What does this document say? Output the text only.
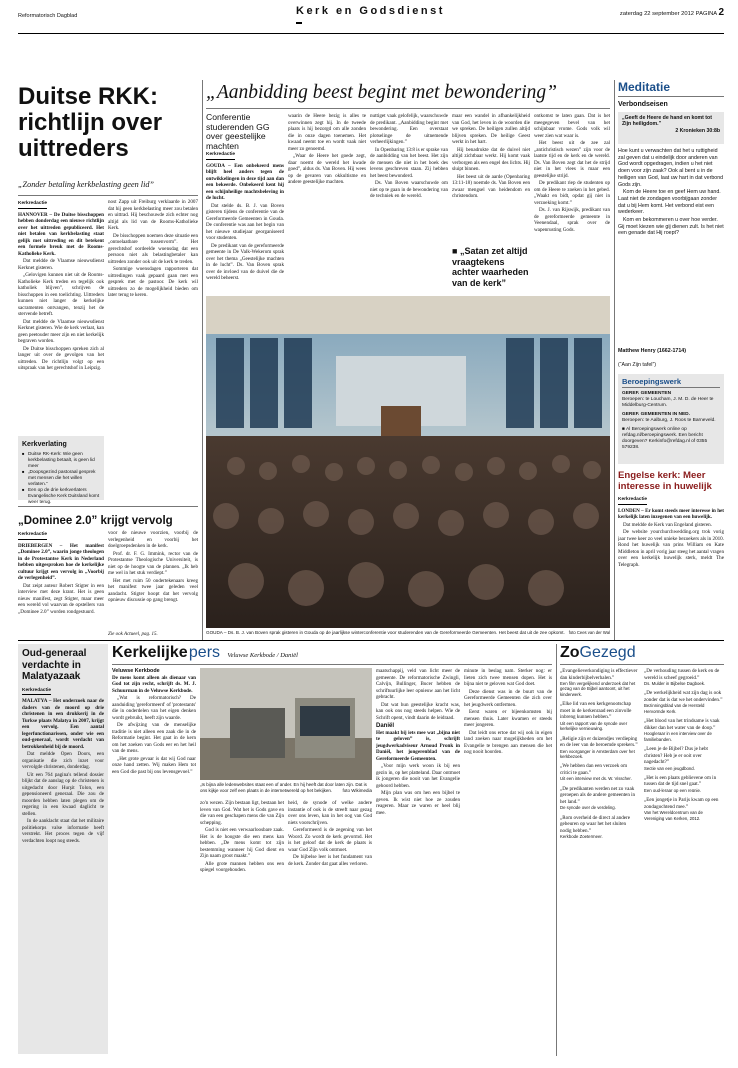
Reformatorisch Dagblad	Kerk en Godsdienst	zaterdag 22 september 2012 PAGINA 2
Duitse RKK: richtlijn over uittreders
„Zonder betaling kerkbelasting geen lid”
Kerkredactie

HANNOVER – De Duitse bisschoppen hebben donderdag een nieuwe richtlijn over het uittreden gepubliceerd. Het niet betalen van kerkbelasting staat gelijk met uittreding en dit betekent een formele breuk met de Rooms-Katholieke Kerk.

Dat meldde de Vlaamse nieuwsdienst Kerknet gisteren.

„Gelovigen kunnen niet uit de Rooms-Katholieke Kerk treden en tegelijk ook katholiek blijven”, schrijven de bisschoppen in een toelichting. Uittreders kunnen niet langer de kerkelijke sacramenten ontvangen, tenzij het de stervende betreft.

Dat meldde de Vlaamse nieuwsdienst Kerknet gisteren. Wie de kerk verlaat, kan geen peetouder meer zijn en niet kerkelijk begraven worden.

De Duitse bisschoppen spreken zich al langer uit over de gevolgen van het uittreden. De richtlijn volgt op een uitspraak van het gerechtshof in Leipzig.

nost Zapp uit Freiburg verklaarde in 2007 dat hij geen kerkbelasting meer zou betalen en uittrad. Hij beschouwde zich echter nog altijd als lid van de Rooms-Katholieke Kerk.

De bisschoppen noemen deze situatie een „ontoelaatbare tussenvorm”. Het gerechtshof oordeelde woensdag dat een persoon niet als belastingbetaler kan uittreden zonder ook uit de kerk te treden.

Sommige woensdagen rapporteren dat uittredingen vaak gepaard gaan met een gesprek met de pastoor. De kerk wil uittreders zo de mogelijkheid bieden om later terug te keren.

Kerkverlating
■ Duitse RK-Kerk: Wie geen kerkbelasting betaalt, is geen lid meer
■ „Doopsgezind pastoraal gesprek met mensen die het willen verlaten.”
■ Een op de drie kerkverlaters Evangelische Kerk Duitsland komt weer terug.
„Dominee 2.0” krijgt vervolg
Kerkredactie

DRIEBERGEN – Het manifest „Dominee 2.0”, waarin jonge theologen in de Protestantse Kerk in Nederland hebben uitgesproken hoe de kerkelijke cultuur krijgt een vervolg in „Voorbij de verlegenheid”.

Dat zeipt auteur Robert Stigter in een interview met deze krant. Het is geen nieuw manifest, zegt Stigter, maar meer een wereld vol waarvan de opstellers van „Dominee 2.0” worden rondgestuurd.

voor de nieuwe voorzien, voorbij de verlegenheid en voorbij het doelgroepsdenken in de kerk.

Prof. dr. F. G. Immink, rector van de Protestantse Theologische Universiteit, is niet op de hoogte van de plannen. „Ik heb me wel in het stuk verdiept.”

Het met ruim 50 ondertekenaars kreeg het manifest twee jaar geleden veel aandacht. Stigter hoopt dat het vervolg opnieuw discussie op gang brengt.

Zie ook Actueel, pag. 15.
„Aanbidding beest begint met bewondering”
Conferentie studerenden GG over geestelijke machten
Kerkredactie

GOUDA – Een onbekeerd mens blijft heel anders tegen de ontwikkelingen in deze tijd aan dan een bekeerde. Onbekeerd kent hij een schijnheilige machtsbeleving in de lucht.

Dat stelde ds. B. J. van Boven gisteren tijdens de conferentie van de Gereformeerde Gemeenten in Gouda. De conferentie was aan het begin van het nieuwe studiejaar georganiseerd voor studenten.

De predikant van de gereformeerde gemeente in De Valk-Wekerom sprak over het thema „Geestelijke machten in de lucht”. Ds. Van Boven sprak over de invloed van de duivel die de wereld beheerst.

waarin de Heere bezig is alles te overwinnen zegt hij. In de tweede plaats is hij bezorgd om alle zonden die in onze dagen toenemen. Het kwaad neemt toe en wordt vaak niet meer zo genoemd.

„Waar de Heere het goede zegt, daar noemt de wereld het kwade goed”, aldus ds. Van Boven. Hij wees op de gevaren van okkultisme en andere geestelijke machten.

nuttiget vaak gelofelijk, waarschuwde de predikant. „Aanbidding begint met bewondering. Een overstaat plotselinge de uitnemende verheerlijkingen.”

In Openbaring 13:8 is er sprake van de aanbidding van het beest. Het zijn de mensen die niet in het boek des levens geschreven staan. Zij hebben het beest bewonderd.

Ds. Van Boven waarschuwde om niet op te gaan in de bewondering van de techniek en de wereld.

maar een wandel in afhankelijkheid van God, het leven in de woorden die we spreken. De heiligen zullen altijd blijven spreken. De heilige Geest werkt in het hart.

Hij benadrukte dat de duivel niet altijd zichtbaar werkt. Hij komt vaak verborgen als een engel des lichts. Hij sluipt binnen.

Het beest uit de aarde (Openbaring 13:11-18) noemde ds. Van Boven een zwaar mengsel van heidendom en christendom.

■ „Satan zet altijd vraagtekens achter waarheden van de kerk”

ontkomst te laten gaan. Dat is het meegegeven bevel van het schijnbaar vrome. Gods volk wil weer zien wat waar is.

Het beest uit de zee zal „antichristisch wezen” zijn voor de laatste tijd en de kerk en de wereld. Ds. Van Boven zegt dat het de strijd niet in het vlees is maar een geestelijke strijd.

De predikant riep de studenten op om de Heere te zoeken in het gebed. „Waakt en bidt, opdat gij niet in verzoeking komt.”

Ds. J. van Rijswijk, predikant van de gereformeerde gemeente in Veenendaal, sprak over de wapenrusting Gods.

GOUDA – Ds. B. J. van Boven sprak gisteren in Gouda op de jaarlijkse winterconferentie voor studerenden van de Gereformeerde Gemeenten. Het beest dat uit de zee opkomt. foto Cees van der Wal
Meditatie
Verbondseisen
„Geeft de Heere de hand en komt tot Zijn heiligdom.”
2 Kronieken 30:8b

Hoe kunt u verwachten dat het u ruttigheid zal geven dat u eindelijk door anderen van God wordt opgedragen, indien u het niet doen voor zijn zaak? Ook al bent u in de heiligen van God, laat uw hart in dat verbond Gods zijn.

Kom de Heere toe en geef Hem uw hand. Laat niet de zondagen voorbijgaan zonder dat u bij Hem komt. Het verbond eist een wederkeer.

Kom en bekommeren u over hoe verder. Gij moet kiezen wie gij dienen zult. Is het niet een genade dat Hij roept?

Matthew Henry (1662-1714)
(“Aan Zijn tafel”)
Beroepingswerk
GEREF. GEMEENTEN
Beroepen: te Loucham, J. M. D. de Heer te Middelburg-Centrum.
GEREF. GEMEENTEN IN NED.
Beroepen: te Aalburg, J. Roos te Barneveld.
■ Al Beroepingswerk online op refdag.nl/beroepingswerk. Een bericht doorgeven? Kerkinfo@refdag.nl of 0355 579238.
Engelse kerk: Meer interesse in huwelijk
Kerkredactie

LONDEN – Er komt steeds meer interesse in het kerkelijk laten inzegenen van een huwelijk.

Dat meldde de Kerk van Engeland gisteren.

De website yourchurchwedding.org trok vorig jaar twee keer zo veel unieke bezoekers als in 2010. Rond het huwelijk van prins William en Kate Middleton in april vorig jaar steeg het aantal vragen over een kerkelijk huwelijk sterk, meldt The Telegraph.

Oud-generaal verdachte in Malatyazaak
Kerkredactie

MALATYA – Het onderzoek naar de daders van de moord op drie christenen in een drukkerij in de Turkse plaats Malatya in 2007, krijgt een vervolg. Een aantal legerfunctionarissen, onder wie een oud-generaal, wordt verdacht van betrokkenheid bij de moord.

Dat meldde Open Doors, een organisatie die zich inzet voor vervolgde christenen, donderdag.

Uit een 764 pagina's tellend dossier blijkt dat de aanslag op de christenen is uitgedacht door Hurşit Tolon, een gepensioneerd generaal. Die zou de moorden hebben laten plegen om de regering in een kwaad daglicht te stellen.

In de aanklacht staat dat het militaire politiekorps valse informatie heeft verstrekt. Het proces tegen de vijf verdachten loopt nog steeds.

Kerkelijke pers Veluwse Kerkbode / Daniël
Veluwse Kerkbode

De mens komt alleen als dienaar van God tot zijn recht, schrijft ds. M. J. Schuurman in de Veluwse Kerkbode.

„Wat is reformatorisch? De aanduiding 'gereformeerd' of 'protestants' die in onderdelen van het eigen denken wordt gebruikt, heeft zijn waarde.

De afwijzing van de menselijke traditie is niet alleen een zaak die in de Reformatie begint. Het gaat in de kern om het zoeken van Gods eer en het heil van de mens.

„Het grote gevaar is dat wij God naar onze hand zetten. Wij maken Hem tot een God die past bij ons levensgevoel.”

„Is bijna alle ledenwebsites staat een of ander. En hij heeft dat door laten zijn. Dat is ons kijkje voor zelf een plaats in de internetwereld op het bekijken. foto Wikimedia

zo'n wezen. Zijn bestaan ligt, bestaan het leven van God. Wat het is Gods gave en die van een geschapen mens die van Zijn schepping.

God is niet een verwaarloosbare zaak. Het is de hoogste die een mens kan hebben. „De mens komt tot zijn bestemming wanneer hij God dient en Zijn naam groot maakt.”

Alle grote mannen hebben ons een spiegel voorgehouden.

heid, de synode of welke andere instantie of ook is de streeft naar gezag over ons leven, kan in het oog van God niets voorschrijven.

Gereformeerd is de zegening van het Woord. Zo wordt de kerk gevormd. Het is het geloof dat de kerk de plaats is waar God Zijn volk ontmoet.

De bijbelse leer is het fundament van de kerk. Zonder dat gaat alles verloren.

maatschappij, veld van licht meer de gemeente. De reformatorische Zwingli, Calvijn, Bullinger, Bucer hebben de schriftuurlijke leer opnieuw aan het licht gebracht.

Dat wat hun geestelijke kracht was, kan ook ons nog steeds helpen. Wie de Schrift opent, vindt daarin de leidraad.

Daniël

Het maakt bij iets mee wat „bijna niet te geloven” is, schrijft jeugdwerkadviseur Arnoud Pronk in Daniël, het jongerenblad van de Gereformeerde Gemeenten.

„Voor mijn werk woon ik bij een gezin in, op het platteland. Daar ontmoet ik jongeren die nooit van het Evangelie gehoord hebben.

Mijn plan was om hen een bijbel te geven. Ik wist niet hoe ze zouden reageren. Maar ze waren er heel blij mee.

minute in beslag nam. Sterker nog: er lieten zich twee mensen dopen. Het is bijna niet te geloven wat God doet.

Deze dienst was in de buurt van de Gereformeerde Gemeenten die zich over het jeugdwerk ontfermen.

Eerst waren er bijeenkomsten bij mensen thuis. Later kwamen er steeds meer jongeren.

Dat leidt ons ertoe dat wij ook in eigen land zoeken naar mogelijkheden om het Evangelie te brengen aan mensen die het nog nooit hoorden.

ZoGezegd
„Evangelieverkondiging is effectiever dan kinderbijbelverhalen.”
Een film vergelijkend onderzoek dat het gezag van de Bijbel aantoont, uit het kinderwerk.
„Elke lid van een kerkgenootschap moet in de kerkenraad een zinvolle inbreng kunnen hebben.”
Uit een rapport van de synode over kerkelijke vernieuwing.
„Religie zijn er duizendjes verdieping en de leer van de beroemde sprekers.”
Een voorganger in Amsterdam over het kerkbezoek.
„We hebben dan een verzoek om critici te gaan.”
Uit een interview met ds. W. Visscher.
„De predikanten werden net zo vaak geroepen als de andere gemeenten in het land.”
De synode over de verdeling.
„Rom overheid de direct al andere gebeuren op waar het het sluiten nodig hebben.”
Kerkbode Zoetermeer.
„De verhouding tussen de kerk en de wereld is scheef gegroeid.”
Ds. Mulder in Bijbelse Dagboek.
„De werkelijkheid wat zijn dag is ook zonder dat is dat we het ondervinden.”
Bezinningsblad van de Hersteld Hervormde Kerk.
„Het blood van het trindsame is vaak dikker dan het water van de doop.”
Hoogleraar in een interview over de familiebanden.
„Leen je de Bijbel? Dus je hebt christen? Heb je er ooit over nagedacht?”
Sectie van een jeugdbond.
„Het is een plaats geblievene om in tussen dat de tijd snel gaat.”
Een oud-leraar op een reünie.
„Een jongetje in Parijs kwam op een zondagochtend mee.”
Van het Wereldcentrum van de Vereniging van Kerken, 2012.
